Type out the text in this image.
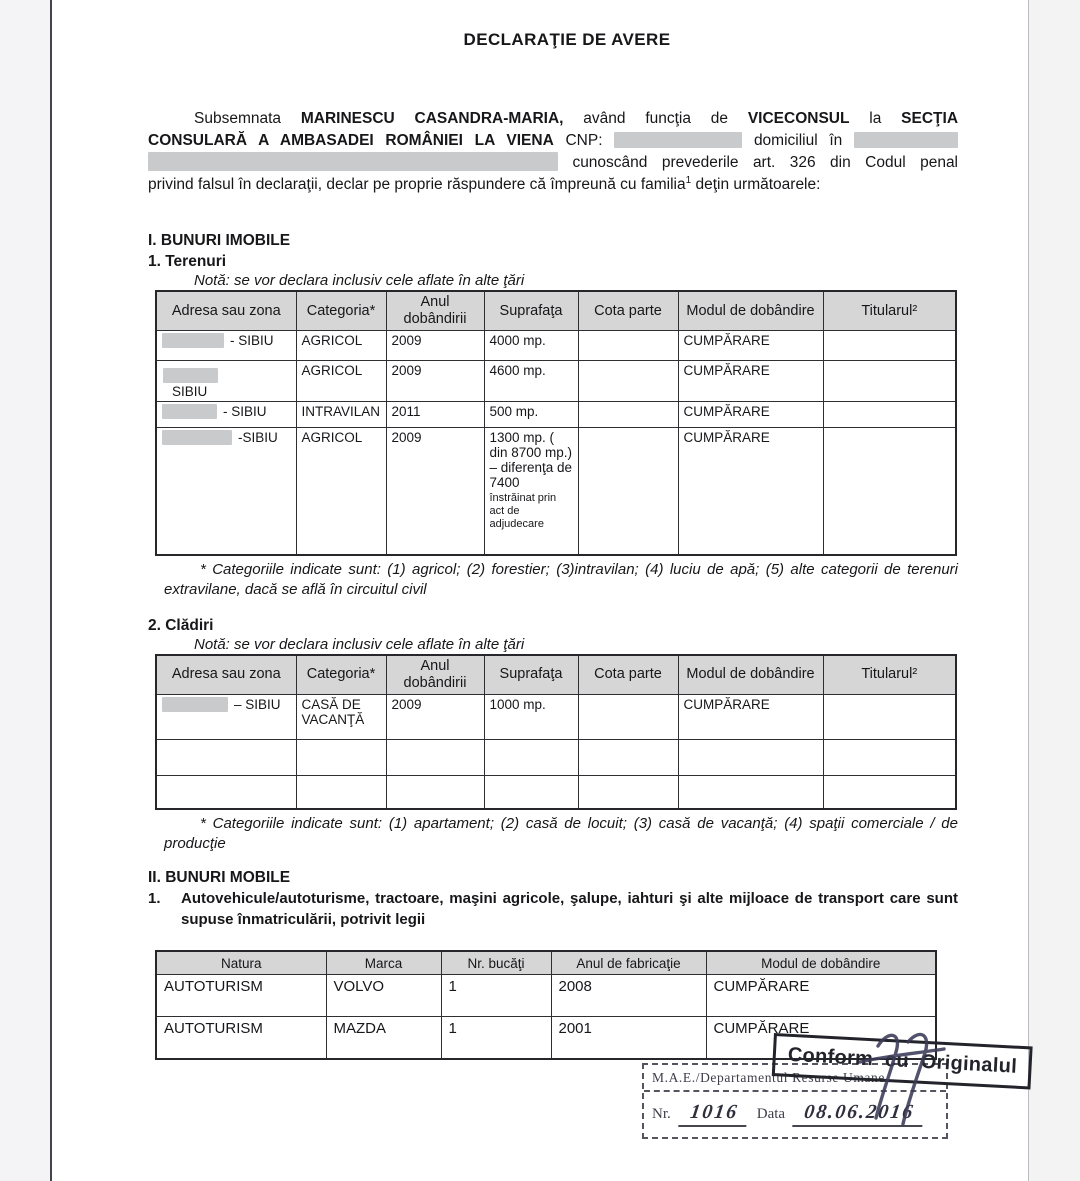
DECLARAŢIE DE AVERE
Subsemnata MARINESCU CASANDRA-MARIA, având funcţia de VICECONSUL la SECŢIA
CONSULARĂ A AMBASADEI ROMÂNIEI LA VIENA CNP:	domiciliul în
cunoscând prevederile art. 326 din Codul penal
privind falsul în declaraţii, declar pe proprie răspundere că împreună cu familia$^1$ deţin următoarele:
I. BUNURI IMOBILE
1. Terenuri
Notă: se vor declara inclusiv cele aflate în alte ţări
Adresa sau zona	Categoria*	Anul dobândirii	Suprafaţa	Cota parte	Modul de dobândire	Titularul²
- SIBIU	AGRICOL	2009	4000 mp.		CUMPĂRARE	

SIBIU	AGRICOL	2009	4600 mp.		CUMPĂRARE	
- SIBIU	INTRAVILAN	2011	500 mp.		CUMPĂRARE	
-SIBIU	AGRICOL	2009	1300 mp. ( din 8700 mp.) – diferenţa de 7400
înstrăinat prin act de adjudecare		CUMPĂRARE	
* Categoriile indicate sunt: (1) agricol; (2) forestier; (3)intravilan; (4) luciu de apă; (5) alte categorii de terenuri extravilane, dacă se află în circuitul civil
2. Clădiri
Notă: se vor declara inclusiv cele aflate în alte ţări
Adresa sau zona	Categoria*	Anul dobândirii	Suprafaţa	Cota parte	Modul de dobândire	Titularul²
– SIBIU	CASĂ DE VACANŢĂ	2009	1000 mp.		CUMPĂRARE	

* Categoriile indicate sunt: (1) apartament; (2) casă de locuit; (3) casă de vacanţă; (4) spaţii comerciale / de producţie
II. BUNURI MOBILE
1.	Autovehicule/autoturisme, tractoare, maşini agricole, şalupe, iahturi şi alte mijloace de transport care sunt supuse înmatriculării, potrivit legii
Natura	Marca	Nr. bucăţi	Anul de fabricaţie	Modul de dobândire
AUTOTURISM	VOLVO	1	2008	CUMPĂRARE
AUTOTURISM	MAZDA	1	2001	CUMPĂRARE
M.A.E./Departamentul Resurse Umane
Nr. 1016	Data 08.06.2016
Conform cu Originalul
